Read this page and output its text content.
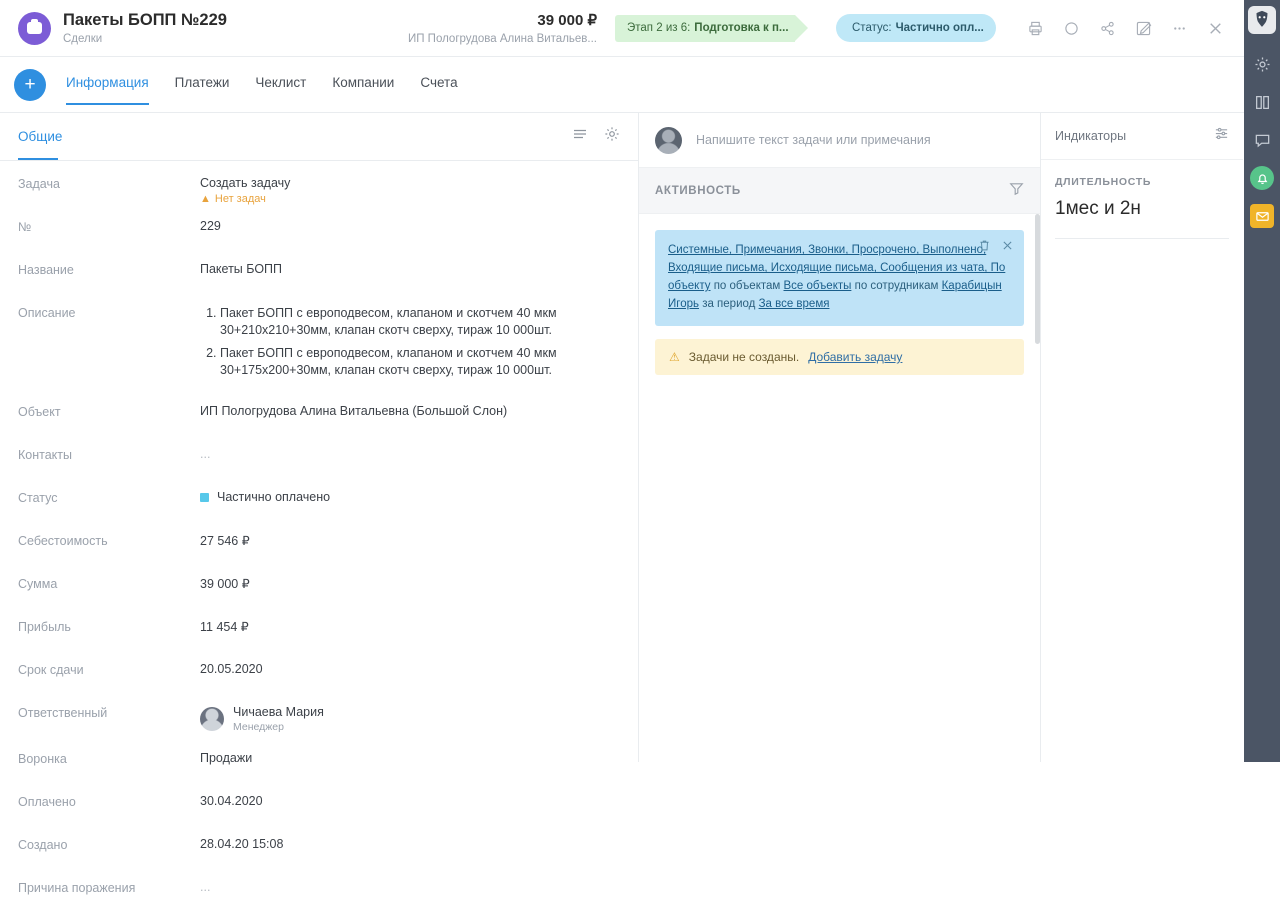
Пакеты БОПП №229
Сделки
39 000 ₽
ИП Пологрудова Алина Витальев...
Этап 2 из 6: Подготовка к п...	Статус: Частично опл...
+	Информация Платежи Чеклист Компании Счета
Общие
Задача	Создать задачу
▲ Нет задач
№	229
Название	Пакеты БОПП
Описание	1. Пакет БОПП с европодвесом, клапаном и скотчем 40 мкм 30+210x210+30мм, клапан скотч сверху, тираж 10 000шт.
2. Пакет БОПП с европодвесом, клапаном и скотчем 40 мкм 30+175x200+30мм, клапан скотч сверху, тираж 10 000шт.
Объект	ИП Пологрудова Алина Витальевна (Большой Слон)
Контакты	...
Статус	Частично оплачено
Себестоимость	27 546 ₽
Сумма	39 000 ₽
Прибыль	11 454 ₽
Срок сдачи	20.05.2020
Ответственный	Чичаева Мария
Менеджер
Воронка	Продажи
Оплачено	30.04.2020
Создано	28.04.20 15:08
Причина поражения	...
Напишите текст задачи или примечания
АКТИВНОСТЬ
Системные, Примечания, Звонки, Просрочено, Выполнено, Входящие письма, Исходящие письма, Сообщения из чата, По объекту по объектам Все объекты по сотрудникам Карабицын Игорь за период За все время
⚠ Задачи не созданы. Добавить задачу
Индикаторы
ДЛИТЕЛЬНОСТЬ
1мес и 2н
